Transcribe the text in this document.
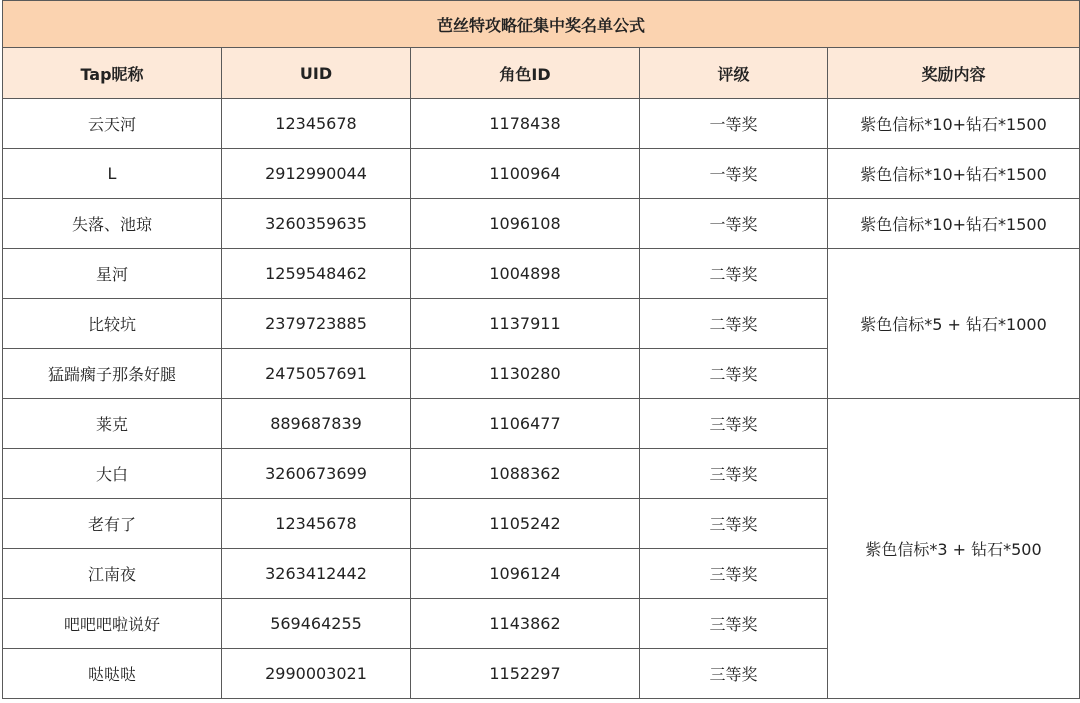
芭丝特攻略征集中奖名单公式				
Tap昵称	UID	角色ID	评级	奖励内容
云天河	12345678	1178438	一等奖	紫色信标*10+钻石*1500
L	2912990044	1100964	一等奖	紫色信标*10+钻石*1500
失落、池琼	3260359635	1096108	一等奖	紫色信标*10+钻石*1500
星河	1259548462	1004898	二等奖	紫色信标*5 + 钻石*1000
比较坑	2379723885	1137911	二等奖	
猛踹瘸子那条好腿	2475057691	1130280	二等奖	
莱克	889687839	1106477	三等奖	紫色信标*3 + 钻石*500
大白	3260673699	1088362	三等奖	
老有了	12345678	1105242	三等奖	
江南夜	3263412442	1096124	三等奖	
吧吧吧啦说好	569464255	1143862	三等奖	
哒哒哒	2990003021	1152297	三等奖	
